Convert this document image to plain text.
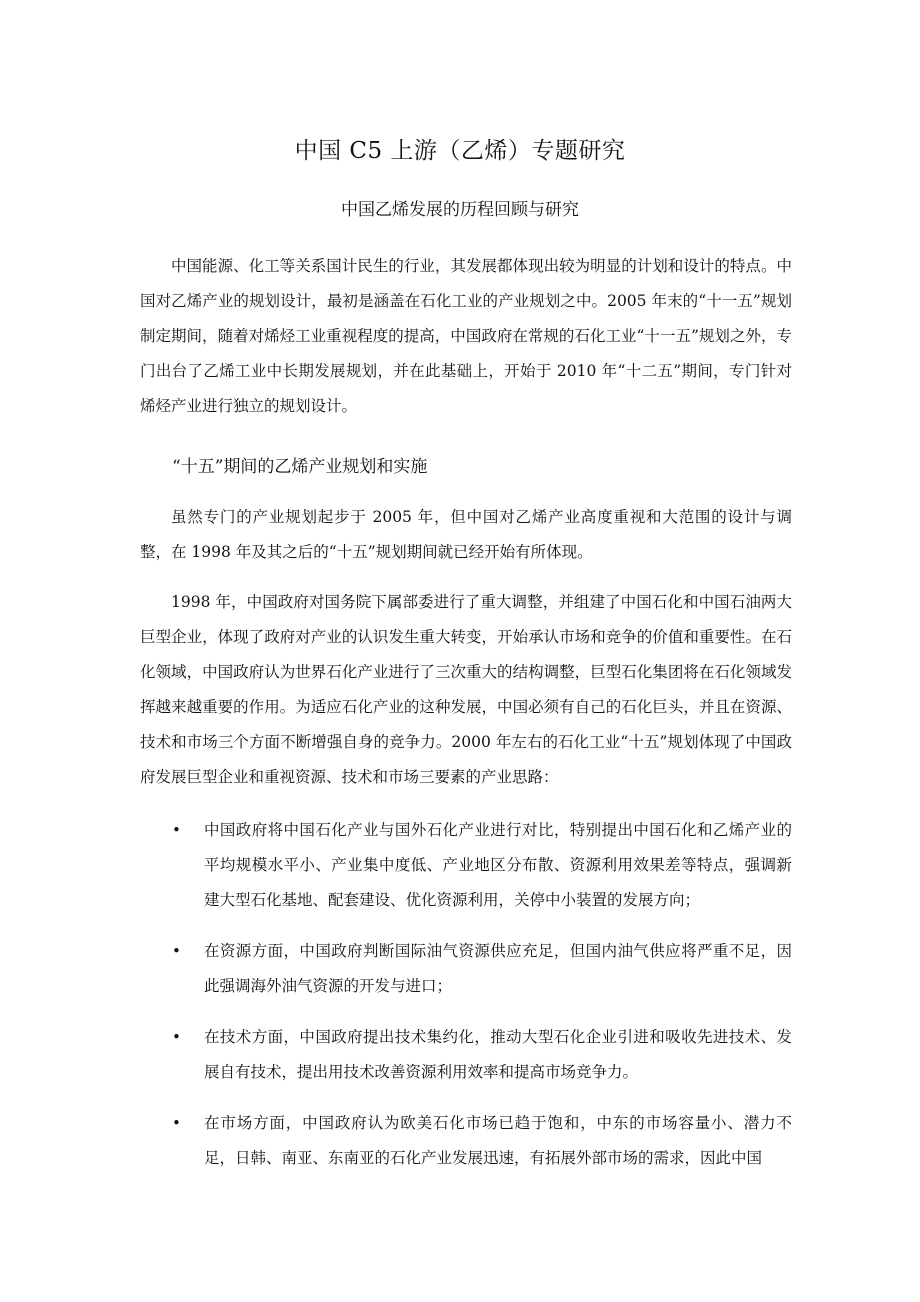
中国 C5 上游（乙烯）专题研究
中国乙烯发展的历程回顾与研究

中国能源、化工等关系国计民生的行业，其发展都体现出较为明显的计划和设计的特点。中国对乙烯产业的规划设计，最初是涵盖在石化工业的产业规划之中。2005 年末的“十一五”规划制定期间，随着对烯烃工业重视程度的提高，中国政府在常规的石化工业“十一五”规划之外，专门出台了乙烯工业中长期发展规划，并在此基础上，开始于 2010 年“十二五”期间，专门针对烯烃产业进行独立的规划设计。

“十五”期间的乙烯产业规划和实施

虽然专门的产业规划起步于 2005 年，但中国对乙烯产业高度重视和大范围的设计与调整，在 1998 年及其之后的“十五”规划期间就已经开始有所体现。

1998 年，中国政府对国务院下属部委进行了重大调整，并组建了中国石化和中国石油两大巨型企业，体现了政府对产业的认识发生重大转变，开始承认市场和竞争的价值和重要性。在石化领域，中国政府认为世界石化产业进行了三次重大的结构调整，巨型石化集团将在石化领域发挥越来越重要的作用。为适应石化产业的这种发展，中国必须有自己的石化巨头，并且在资源、技术和市场三个方面不断增强自身的竞争力。2000 年左右的石化工业“十五”规划体现了中国政府发展巨型企业和重视资源、技术和市场三要素的产业思路：

• 中国政府将中国石化产业与国外石化产业进行对比，特别提出中国石化和乙烯产业的平均规模水平小、产业集中度低、产业地区分布散、资源利用效果差等特点，强调新建大型石化基地、配套建设、优化资源利用，关停中小装置的发展方向；
• 在资源方面，中国政府判断国际油气资源供应充足，但国内油气供应将严重不足，因此强调海外油气资源的开发与进口；
• 在技术方面，中国政府提出技术集约化，推动大型石化企业引进和吸收先进技术、发展自有技术，提出用技术改善资源利用效率和提高市场竞争力。
• 在市场方面，中国政府认为欧美石化市场已趋于饱和，中东的市场容量小、潜力不足，日韩、南亚、东南亚的石化产业发展迅速，有拓展外部市场的需求，因此中国
